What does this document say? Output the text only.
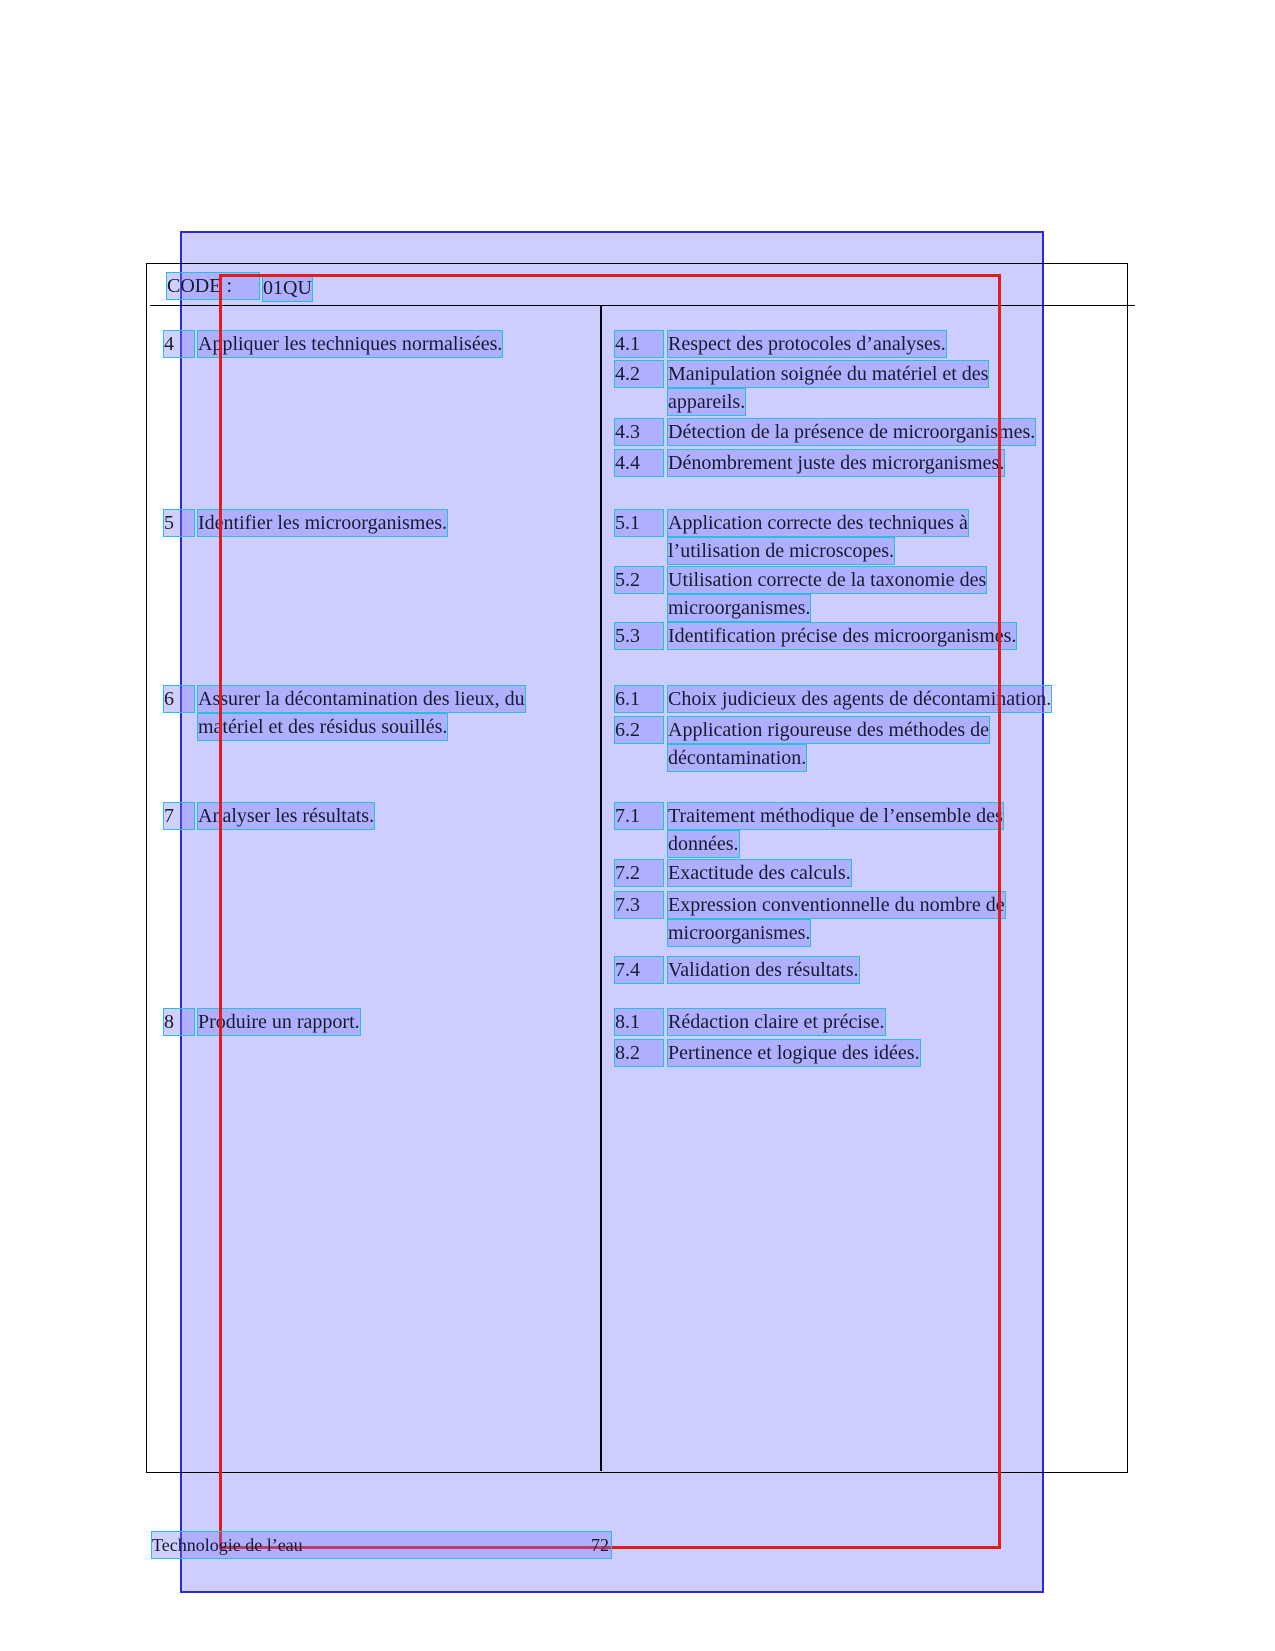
CODE :	01QU
4	Appliquer les techniques normalisées.	4.1	Respect des protocoles d’analyses.
4.2	Manipulation soignée du matériel et des
appareils.
4.3	Détection de la présence de microorganismes.
4.4	Dénombrement juste des microrganismes.
5	Identifier les microorganismes.	5.1	Application correcte des techniques à
l’utilisation de microscopes.
5.2	Utilisation correcte de la taxonomie des
microorganismes.
5.3	Identification précise des microorganismes.
6	Assurer la décontamination des lieux, du
matériel et des résidus souillés.
6.1	Choix judicieux des agents de décontamination.
6.2	Application rigoureuse des méthodes de
décontamination.
7	Analyser les résultats.	7.1	Traitement méthodique de l’ensemble des
données.
7.2	Exactitude des calculs.
7.3	Expression conventionnelle du nombre de
microorganismes.
7.4	Validation des résultats.
8	Produire un rapport.	8.1	Rédaction claire et précise.
8.2	Pertinence et logique des idées.
Technologie de l’eau	72
